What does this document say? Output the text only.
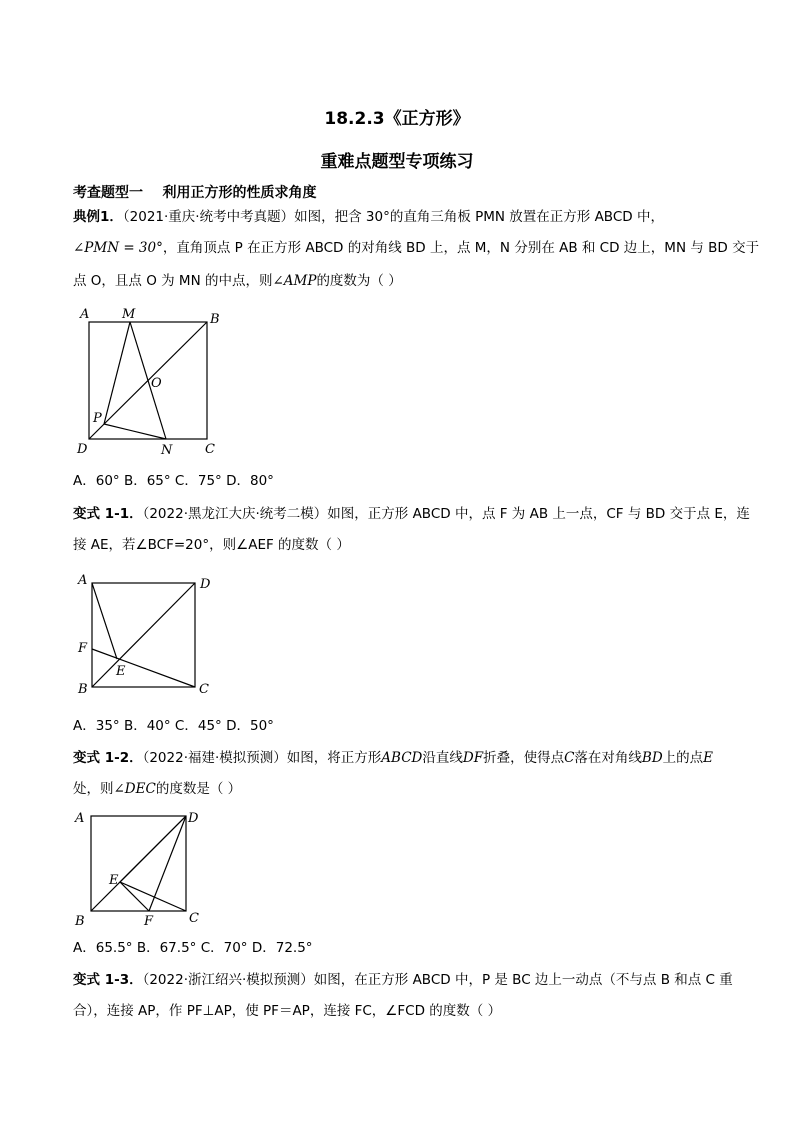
18.2.3《正方形》
重难点题型专项练习
考查题型一    利用正方形的性质求角度
典例1．（2021·重庆·统考中考真题）如图，把含 30°的直角三角板 PMN 放置在正方形 ABCD 中，
∠PMN = 30°，直角顶点 P 在正方形 ABCD 的对角线 BD 上，点 M，N 分别在 AB 和 CD 边上，MN 与 BD 交于
点 O，且点 O 为 MN 的中点，则∠AMP的度数为（ ）
A	M	B
O
P
D	N	C
A．60° B．65° C．75° D．80°
变式 1-1．（2022·黑龙江大庆·统考二模）如图，正方形 ABCD 中，点 F 为 AB 上一点，CF 与 BD 交于点 E，连
接 AE，若∠BCF=20°，则∠AEF 的度数（ ）
A	D
F
E
B	C
A．35° B．40° C．45° D．50°
变式 1-2．（2022·福建·模拟预测）如图，将正方形ABCD沿直线DF折叠，使得点C落在对角线BD上的点E
处，则∠DEC的度数是（ ）
A	D
E
B	F	C
A．65.5° B．67.5° C．70° D．72.5°
变式 1-3．（2022·浙江绍兴·模拟预测）如图，在正方形 ABCD 中，P 是 BC 边上一动点（不与点 B 和点 C 重
合），连接 AP，作 PF⊥AP，使 PF＝AP，连接 FC，∠FCD 的度数（ ）
